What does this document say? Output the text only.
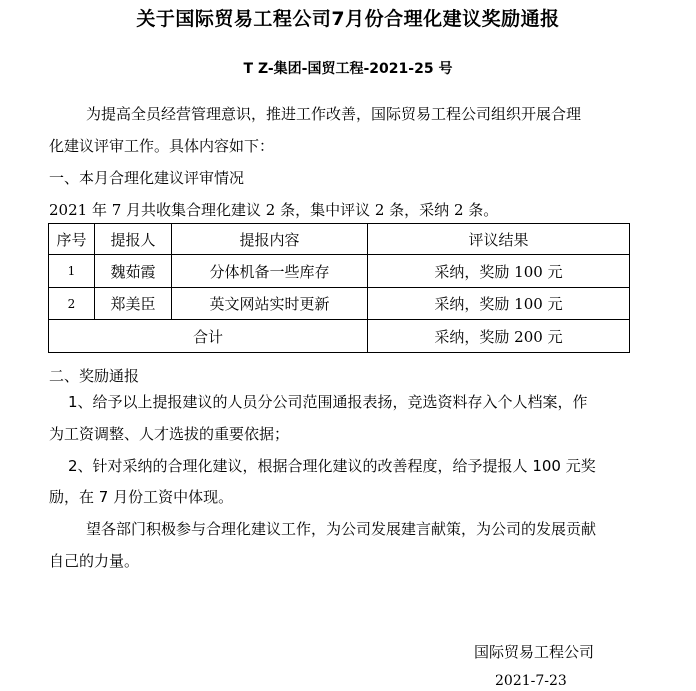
关于国际贸易工程公司7月份合理化建议奖励通报
T Z-集团-国贸工程-2021-25 号
为提高全员经营管理意识，推进工作改善，国际贸易工程公司组织开展合理
化建议评审工作。具体内容如下：
一、本月合理化建议评审情况
2021 年 7 月共收集合理化建议 2 条，集中评议 2 条，采纳 2 条。
序号	提报人	提报内容	评议结果
1	魏茹霞	分体机备一些库存	采纳，奖励 100 元
2	郑美臣	英文网站实时更新	采纳，奖励 100 元
合计			采纳，奖励 200 元
二、奖励通报
1、给予以上提报建议的人员分公司范围通报表扬，竞选资料存入个人档案，作
为工资调整、人才选拔的重要依据；
2、针对采纳的合理化建议，根据合理化建议的改善程度，给予提报人 100 元奖
励，在 7 月份工资中体现。
望各部门积极参与合理化建议工作，为公司发展建言献策，为公司的发展贡献
自己的力量。
国际贸易工程公司
2021-7-23
